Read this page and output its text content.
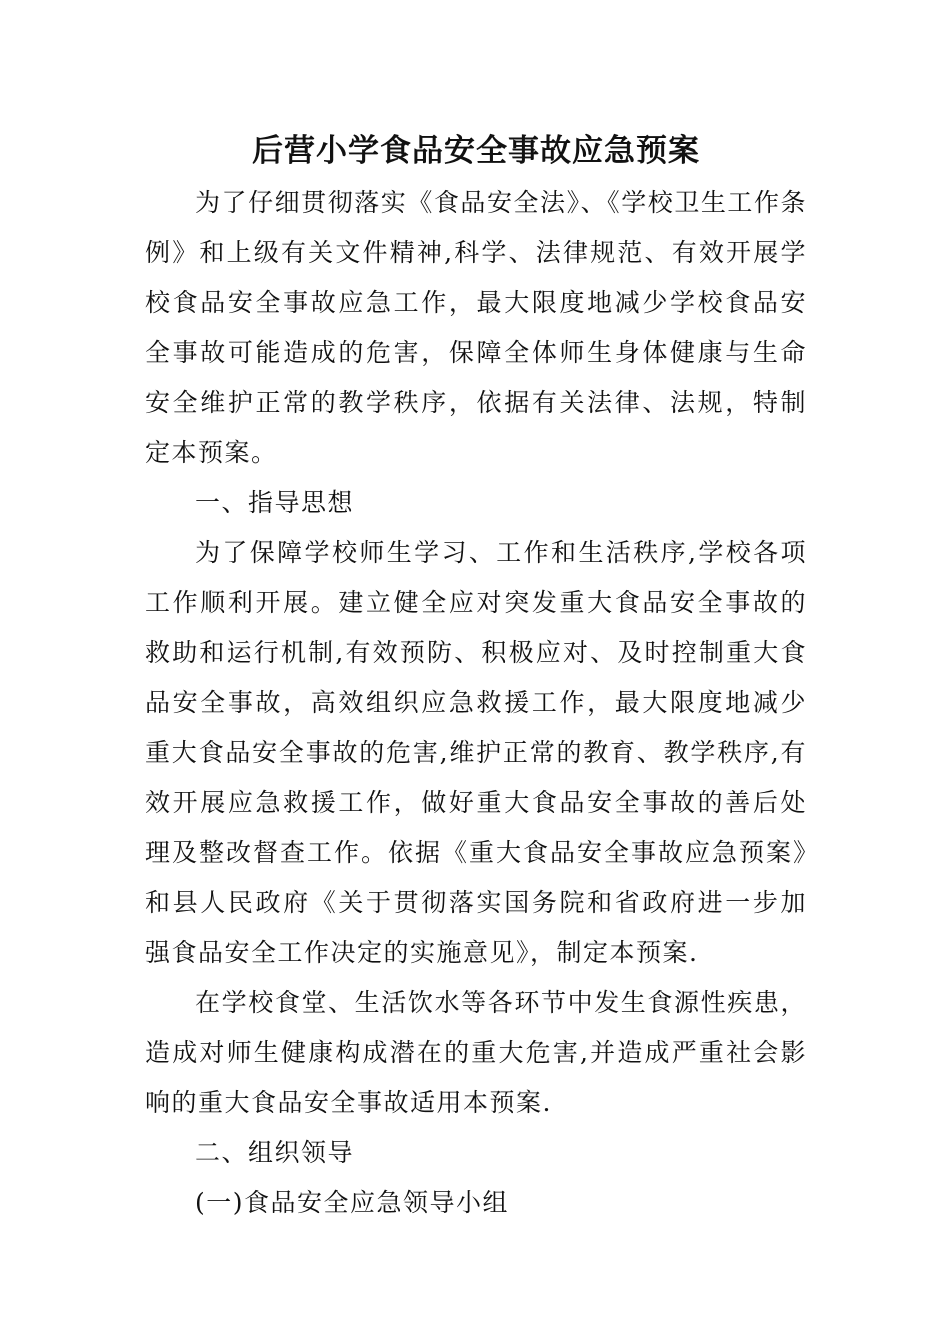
后营小学食品安全事故应急预案

为了仔细贯彻落实《食品安全法》、《学校卫生工作条例》和上级有关文件精神,科学、法律规范、有效开展学校食品安全事故应急工作，最大限度地减少学校食品安全事故可能造成的危害，保障全体师生身体健康与生命安全维护正常的教学秩序，依据有关法律、法规，特制定本预案。

一、指导思想

为了保障学校师生学习、工作和生活秩序,学校各项工作顺利开展。建立健全应对突发重大食品安全事故的救助和运行机制,有效预防、积极应对、及时控制重大食品安全事故，高效组织应急救援工作，最大限度地减少重大食品安全事故的危害,维护正常的教育、教学秩序,有效开展应急救援工作，做好重大食品安全事故的善后处理及整改督查工作。依据《重大食品安全事故应急预案》和县人民政府《关于贯彻落实国务院和省政府进一步加强食品安全工作决定的实施意见》，制定本预案.

在学校食堂、生活饮水等各环节中发生食源性疾患，造成对师生健康构成潜在的重大危害,并造成严重社会影响的重大食品安全事故适用本预案.

二、组织领导

(一)食品安全应急领导小组
